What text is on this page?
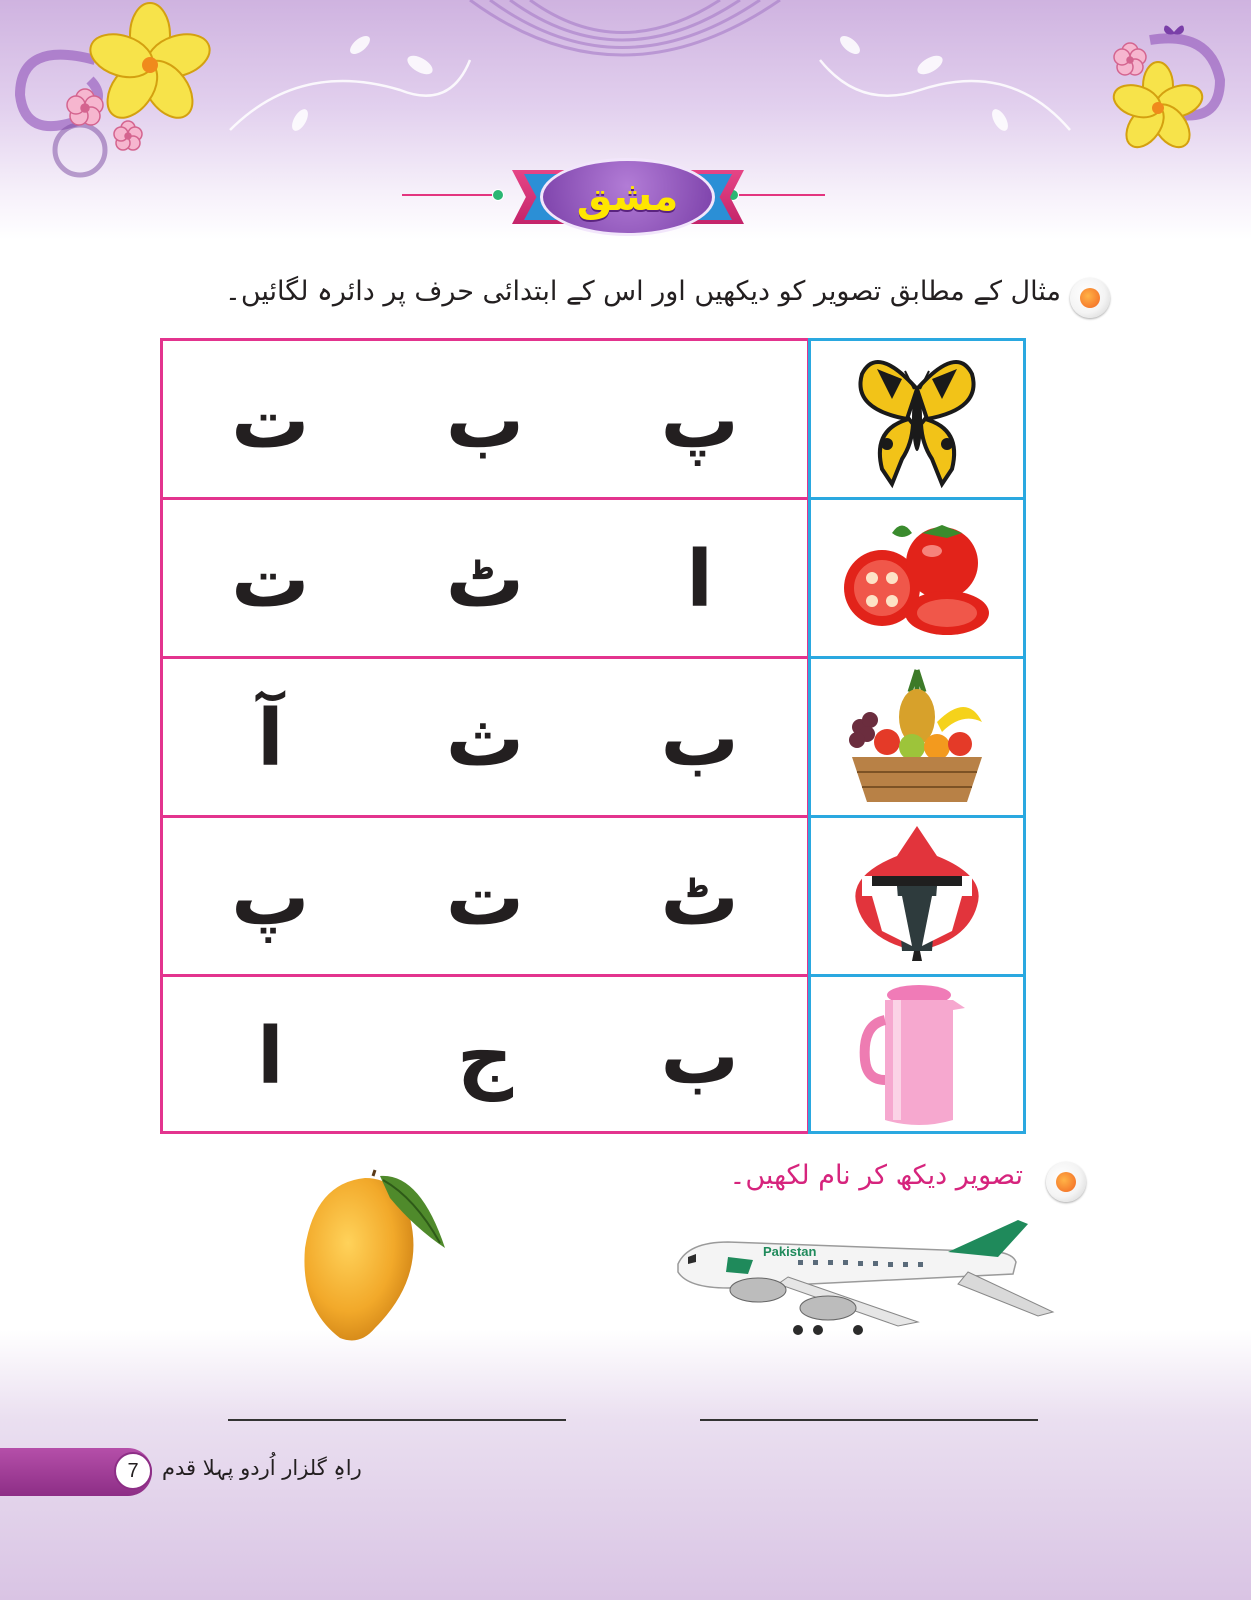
مشق
مثال کے مطابق تصویر کو دیکھیں اور اس کے ابتدائی حرف پر دائرہ لگائیں۔
پ
ب
ت
ا
ٹ
ت
ب
ث
آ
ٹ
ت
پ
ب
ج
ا
تصویر دیکھ کر نام لکھیں۔
Pakistan
7	راہِ گلزار اُردو پہلا قدم
